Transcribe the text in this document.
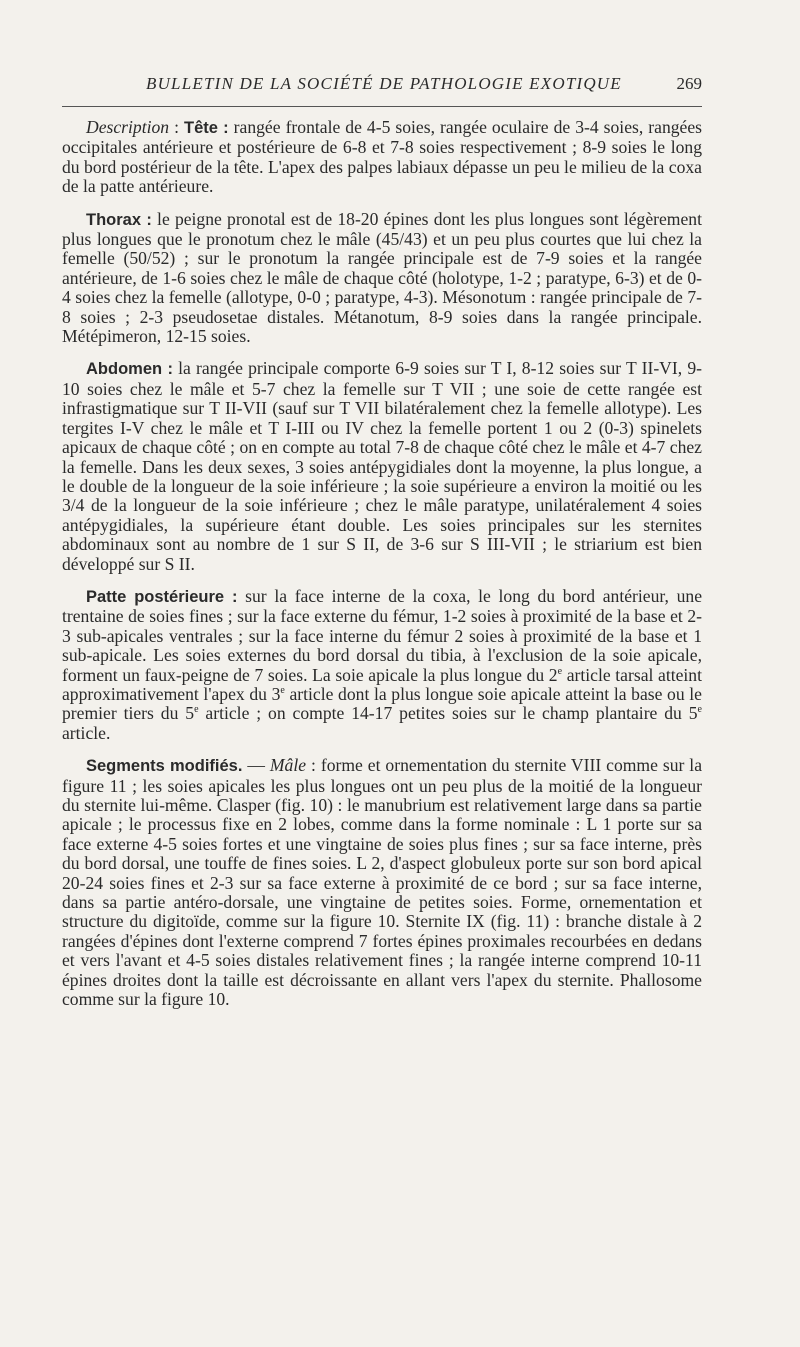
BULLETIN DE LA SOCIÉTÉ DE PATHOLOGIE EXOTIQUE	269

Description : Tête : rangée frontale de 4-5 soies, rangée oculaire de 3-4 soies, rangées occipitales antérieure et postérieure de 6-8 et 7-8 soies respectivement ; 8-9 soies le long du bord postérieur de la tête. L'apex des palpes labiaux dépasse un peu le milieu de la coxa de la patte antérieure.

Thorax : le peigne pronotal est de 18-20 épines dont les plus longues sont légèrement plus longues que le pronotum chez le mâle (45/43) et un peu plus courtes que lui chez la femelle (50/52) ; sur le pronotum la rangée principale est de 7-9 soies et la rangée antérieure, de 1-6 soies chez le mâle de chaque côté (holotype, 1-2 ; paratype, 6-3) et de 0-4 soies chez la femelle (allotype, 0-0 ; paratype, 4-3). Mésonotum : rangée principale de 7-8 soies ; 2-3 pseudosetae distales. Métanotum, 8-9 soies dans la rangée principale. Métépimeron, 12-15 soies.

Abdomen : la rangée principale comporte 6-9 soies sur T I, 8-12 soies sur T II-VI, 9-10 soies chez le mâle et 5-7 chez la femelle sur T VII ; une soie de cette rangée est infrastigmatique sur T II-VII (sauf sur T VII bilatéralement chez la femelle allotype). Les tergites I-V chez le mâle et T I-III ou IV chez la femelle portent 1 ou 2 (0-3) spinelets apicaux de chaque côté ; on en compte au total 7-8 de chaque côté chez le mâle et 4-7 chez la femelle. Dans les deux sexes, 3 soies antépygidiales dont la moyenne, la plus longue, a le double de la longueur de la soie inférieure ; la soie supérieure a environ la moitié ou les 3/4 de la longueur de la soie inférieure ; chez le mâle paratype, unilatéralement 4 soies antépygidiales, la supérieure étant double. Les soies principales sur les sternites abdominaux sont au nombre de 1 sur S II, de 3-6 sur S III-VII ; le striarium est bien développé sur S II.

Patte postérieure : sur la face interne de la coxa, le long du bord antérieur, une trentaine de soies fines ; sur la face externe du fémur, 1-2 soies à proximité de la base et 2-3 sub-apicales ventrales ; sur la face interne du fémur 2 soies à proximité de la base et 1 sub-apicale. Les soies externes du bord dorsal du tibia, à l'exclusion de la soie apicale, forment un faux-peigne de 7 soies. La soie apicale la plus longue du 2e article tarsal atteint approximativement l'apex du 3e article dont la plus longue soie apicale atteint la base ou le premier tiers du 5e article ; on compte 14-17 petites soies sur le champ plantaire du 5e article.

Segments modifiés. — Mâle : forme et ornementation du sternite VIII comme sur la figure 11 ; les soies apicales les plus longues ont un peu plus de la moitié de la longueur du sternite lui-même. Clasper (fig. 10) : le manubrium est relativement large dans sa partie apicale ; le processus fixe en 2 lobes, comme dans la forme nominale : L 1 porte sur sa face externe 4-5 soies fortes et une vingtaine de soies plus fines ; sur sa face interne, près du bord dorsal, une touffe de fines soies. L 2, d'aspect globuleux porte sur son bord apical 20-24 soies fines et 2-3 sur sa face externe à proximité de ce bord ; sur sa face interne, dans sa partie antéro-dorsale, une vingtaine de petites soies. Forme, ornementation et structure du digitoïde, comme sur la figure 10. Sternite IX (fig. 11) : branche distale à 2 rangées d'épines dont l'externe comprend 7 fortes épines proximales recourbées en dedans et vers l'avant et 4-5 soies distales relativement fines ; la rangée interne comprend 10-11 épines droites dont la taille est décroissante en allant vers l'apex du sternite. Phallosome comme sur la figure 10.
